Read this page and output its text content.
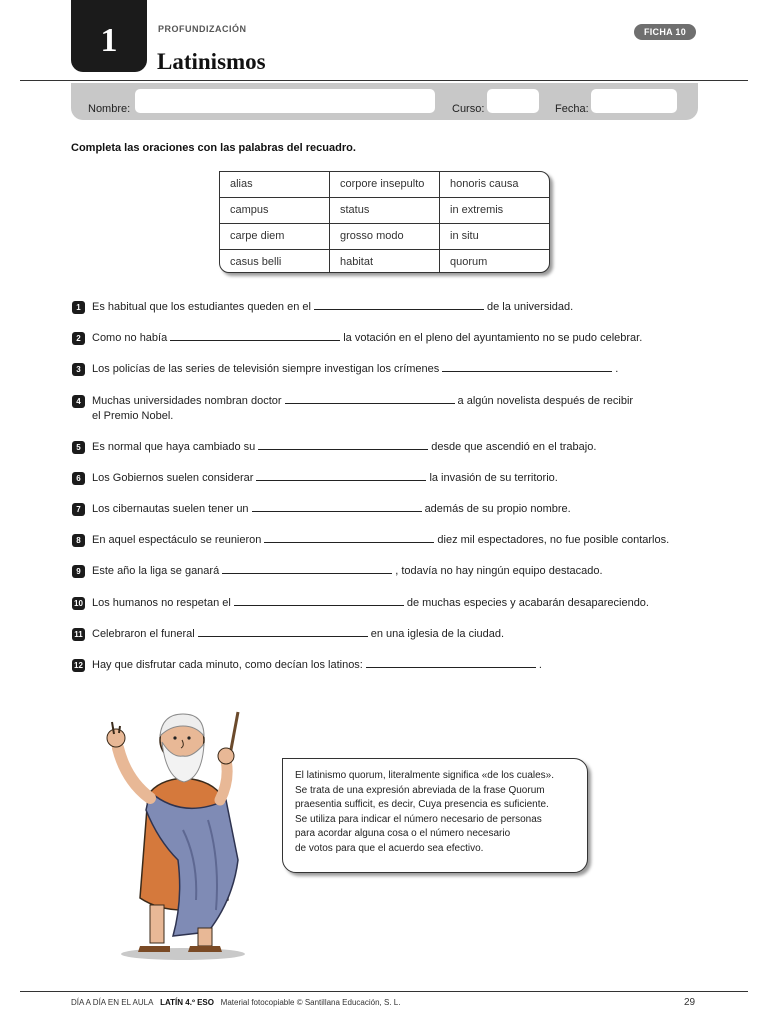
1	PROFUNDIZACIÓN
Latinismos
FICHA 10
Nombre:	Curso:	Fecha:
Completa las oraciones con las palabras del recuadro.
alias	corpore insepulto	honoris causa
campus	status	in extremis
carpe diem	grosso modo	in situ
casus belli	habitat	quorum
1 Es habitual que los estudiantes queden en el	de la universidad.
2 Como no había	la votación en el pleno del ayuntamiento no se pudo celebrar.
3 Los policías de las series de televisión siempre investigan los crímenes	.
4 Muchas universidades nombran doctor	a algún novelista después de recibir
el Premio Nobel.
5 Es normal que haya cambiado su	desde que ascendió en el trabajo.
6 Los Gobiernos suelen considerar	la invasión de su territorio.
7 Los cibernautas suelen tener un	además de su propio nombre.
8 En aquel espectáculo se reunieron	diez mil espectadores, no fue posible contarlos.
9 Este año la liga se ganará	, todavía no hay ningún equipo destacado.
10 Los humanos no respetan el	de muchas especies y acabarán desapareciendo.
11 Celebraron el funeral	en una iglesia de la ciudad.
12 Hay que disfrutar cada minuto, como decían los latinos:	.
El latinismo quorum, literalmente significa «de los cuales».
Se trata de una expresión abreviada de la frase Quorum
praesentia sufficit, es decir, Cuya presencia es suficiente.
Se utiliza para indicar el número necesario de personas
para acordar alguna cosa o el número necesario
de votos para que el acuerdo sea efectivo.
DÍA A DÍA EN EL AULA LATÍN 4.º ESO Material fotocopiable © Santillana Educación, S. L.	29
